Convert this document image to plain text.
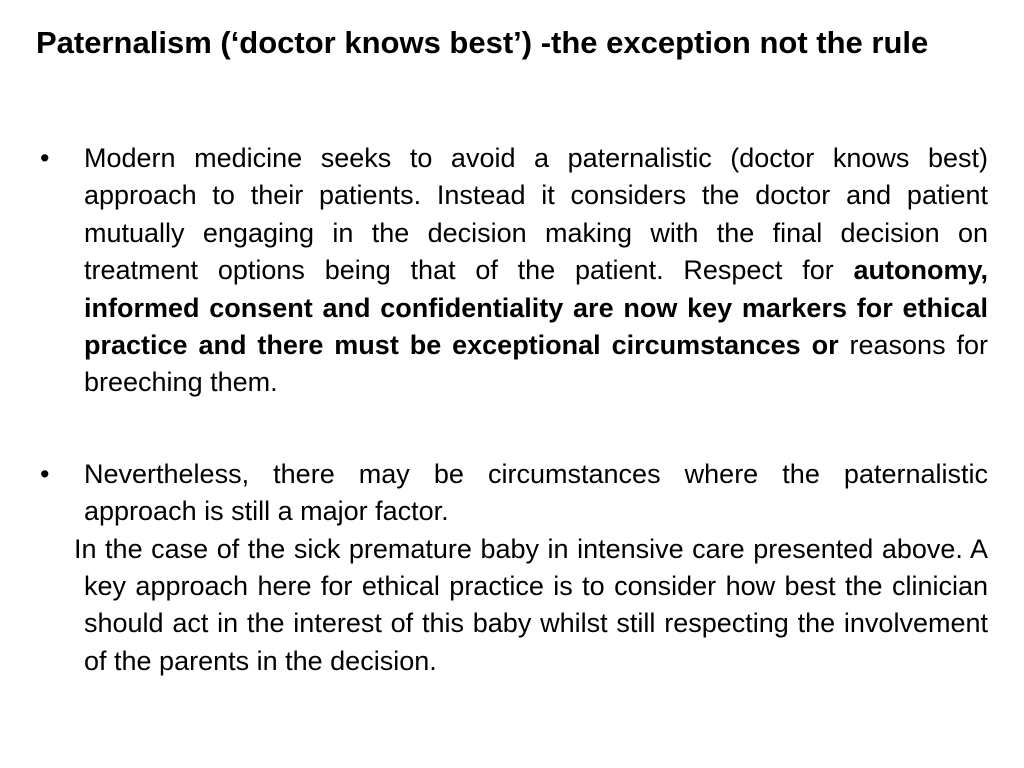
Paternalism (‘doctor knows best’) -the exception not the rule
• Modern medicine seeks to avoid a paternalistic (doctor knows best) approach to their patients. Instead it considers the doctor and patient mutually engaging in the decision making with the final decision on treatment options being that of the patient. Respect for autonomy, informed consent and confidentiality are now key markers for ethical practice and there must be exceptional circumstances or reasons for breeching them.

• Nevertheless, there may be circumstances where the paternalistic approach is still a major factor.

In the case of the sick premature baby in intensive care presented above. A key approach here for ethical practice is to consider how best the clinician should act in the interest of this baby whilst still respecting the involvement of the parents in the decision.
